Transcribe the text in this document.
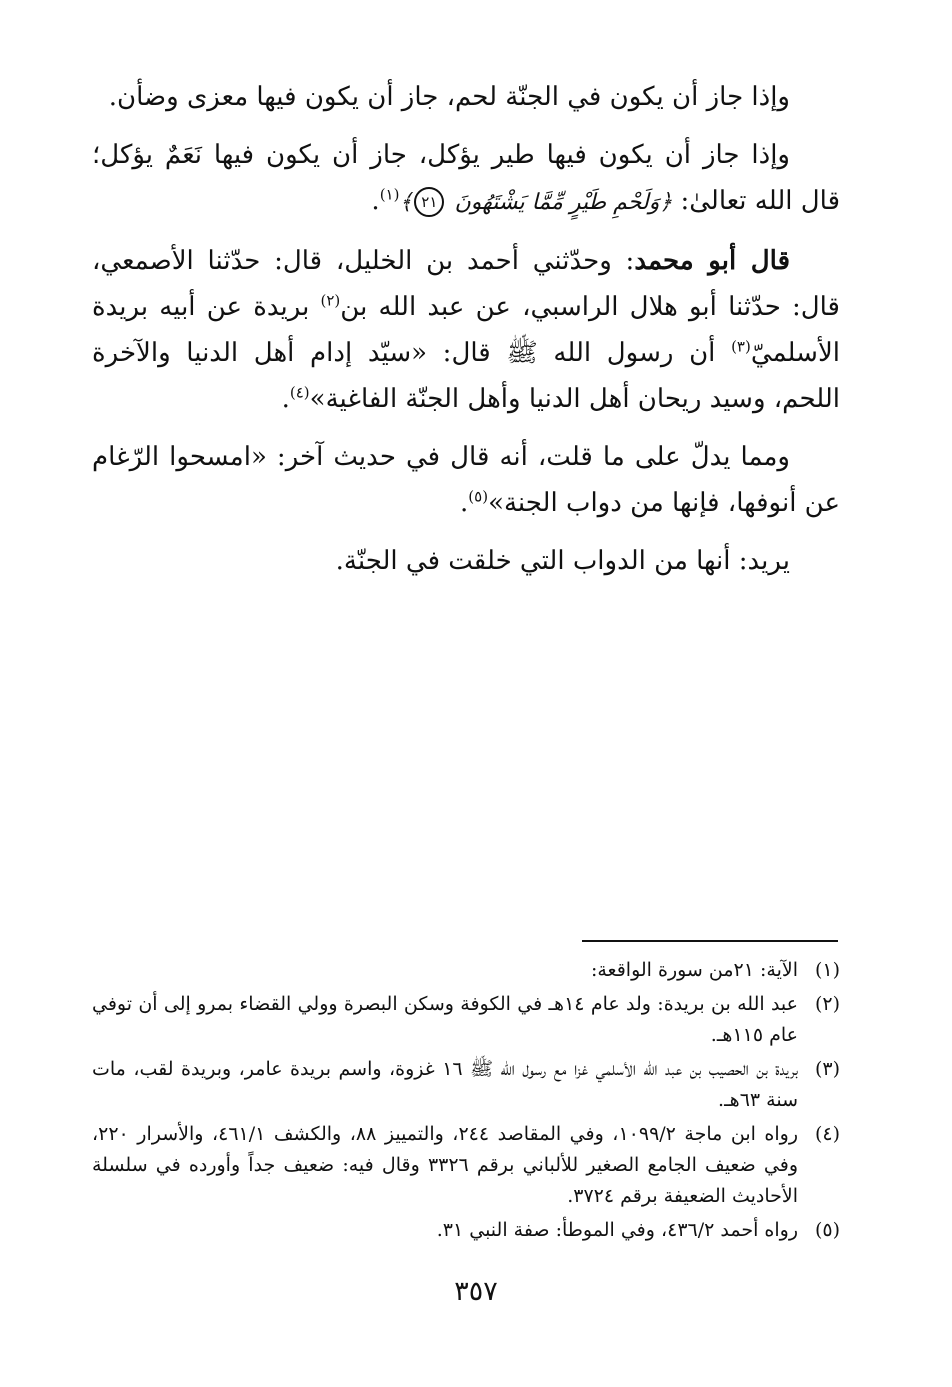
وإذا جاز أن يكون في الجنّة لحم، جاز أن يكون فيها معزى وضأن.

وإذا جاز أن يكون فيها طير يؤكل، جاز أن يكون فيها نَعَمٌ يؤكل؛ قال الله تعالىٰ: ﴿وَلَحْمِ طَيْرٍ مِّمَّا يَشْتَهُونَ ٢١﴾$^{(١)}$.

قال أبو محمد: وحدّثني أحمد بن الخليل، قال: حدّثنا الأصمعي، قال: حدّثنا أبو هلال الراسبي، عن عبد الله بن$^{(٢)}$ بريدة عن أبيه بريدة الأسلميّ$^{(٣)}$ أن رسول الله ﷺ قال: «سيّد إدام أهل الدنيا والآخرة اللحم، وسيد ريحان أهل الدنيا وأهل الجنّة الفاغية»$^{(٤)}$.

ومما يدلّ على ما قلت، أنه قال في حديث آخر: «امسحوا الرّغام عن أنوفها، فإنها من دواب الجنة»$^{(٥)}$.

يريد: أنها من الدواب التي خلقت في الجنّة.

(١)
الآية: ٢١من سورة الواقعة:
(٢)
عبد الله بن بريدة: ولد عام ١٤هـ في الكوفة وسكن البصرة وولي القضاء بمرو إلى أن توفي عام ١١٥هـ.
(٣)
بريدة بن الحصيب بن عبد الله الأسلمي غزا مع رسول الله ﷺ ١٦ غزوة، واسم بريدة عامر، وبريدة لقب، مات سنة ٦٣هـ.
(٤)
رواه ابن ماجة ١٠٩٩/٢، وفي المقاصد ٢٤٤، والتمييز ٨٨، والكشف ٤٦١/١، والأسرار ٢٢٠، وفي ضعيف الجامع الصغير للألباني برقم ٣٣٢٦ وقال فيه: ضعيف جداً وأورده في سلسلة الأحاديث الضعيفة برقم ٣٧٢٤.
(٥)
رواه أحمد ٤٣٦/٢، وفي الموطأ: صفة النبي ٣١.
٣٥٧
